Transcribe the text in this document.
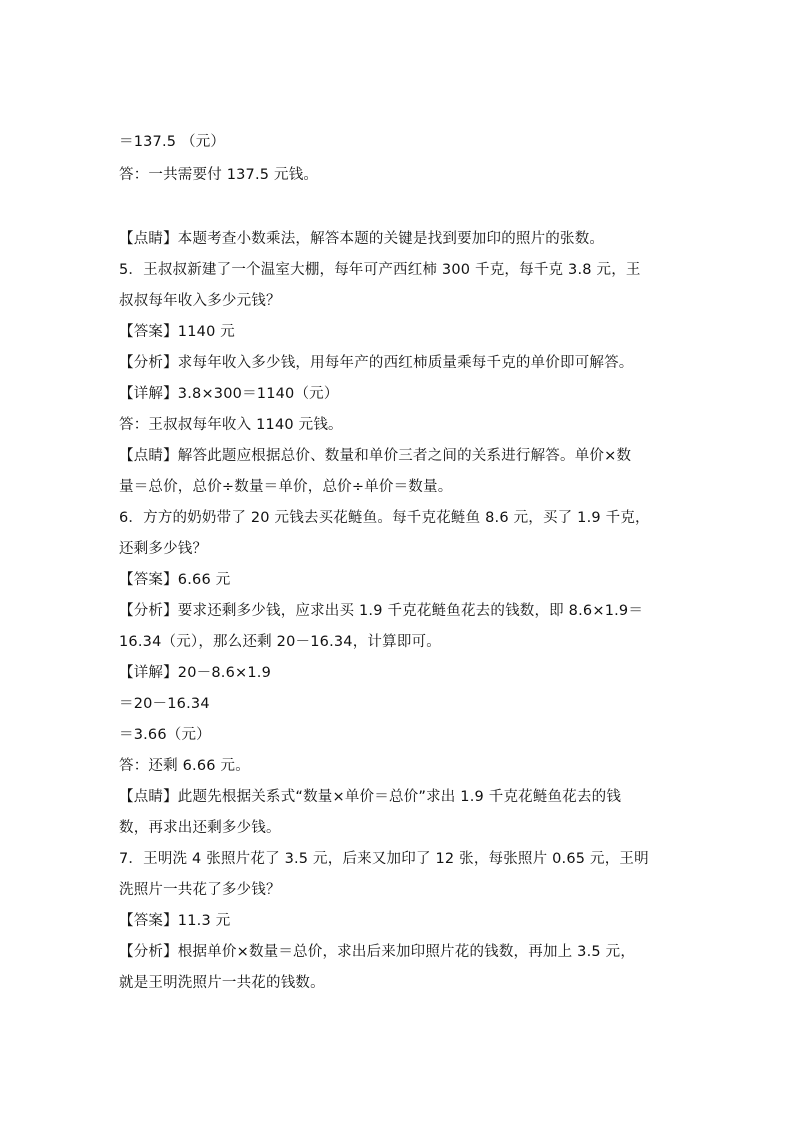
＝137.5 （元）
答：一共需要付 137.5 元钱。
【点睛】本题考查小数乘法，解答本题的关键是找到要加印的照片的张数。
5．王叔叔新建了一个温室大棚，每年可产西红柿 300 千克，每千克 3.8 元，王
叔叔每年收入多少元钱？
【答案】1140 元
【分析】求每年收入多少钱，用每年产的西红柿质量乘每千克的单价即可解答。
【详解】3.8×300＝1140（元）
答：王叔叔每年收入 1140 元钱。
【点睛】解答此题应根据总价、数量和单价三者之间的关系进行解答。单价×数
量＝总价，总价÷数量＝单价，总价÷单价＝数量。
6．方方的奶奶带了 20 元钱去买花鲢鱼。每千克花鲢鱼 8.6 元，买了 1.9 千克，
还剩多少钱？
【答案】6.66 元
【分析】要求还剩多少钱，应求出买 1.9 千克花鲢鱼花去的钱数，即 8.6×1.9＝
16.34（元），那么还剩 20－16.34，计算即可。
【详解】20－8.6×1.9
＝20－16.34
＝3.66（元）
答：还剩 6.66 元。
【点睛】此题先根据关系式“数量×单价＝总价”求出 1.9 千克花鲢鱼花去的钱
数，再求出还剩多少钱。
7．王明洗 4 张照片花了 3.5 元，后来又加印了 12 张，每张照片 0.65 元，王明
洗照片一共花了多少钱？
【答案】11.3 元
【分析】根据单价×数量＝总价，求出后来加印照片花的钱数，再加上 3.5 元，
就是王明洗照片一共花的钱数。
